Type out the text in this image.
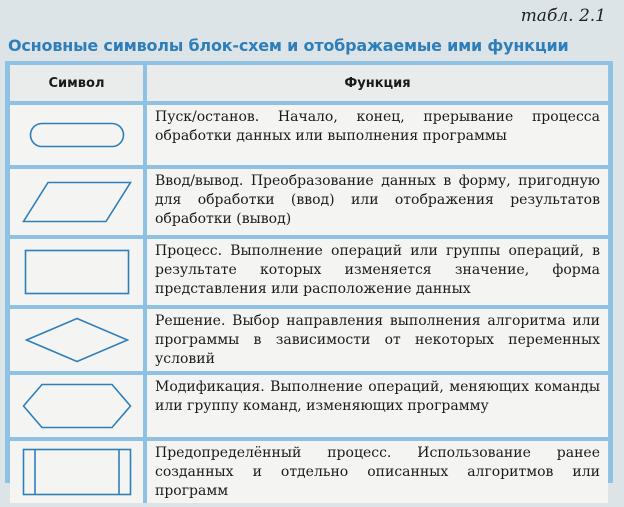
табл. 2.1
Основные символы блок-схем и отображаемые ими функции
Символ	Функция

Пуск/останов. Начало, конец, прерывание процесса обработки данных или выполнения программы

Ввод/вывод. Преобразование данных в форму, пригодную для обработки (ввод) или отображения результатов обработки (вывод)

Процесс. Выполнение операций или группы операций, в результате которых изменяется значение, форма представления или расположение данных

Решение. Выбор направления выполнения алгоритма или программы в зависимости от некоторых переменных условий

Модификация. Выполнение операций, меняющих команды или группу команд, изменяющих программу

Предопределённый процесс. Использование ранее созданных и отдельно описанных алгоритмов или программ
